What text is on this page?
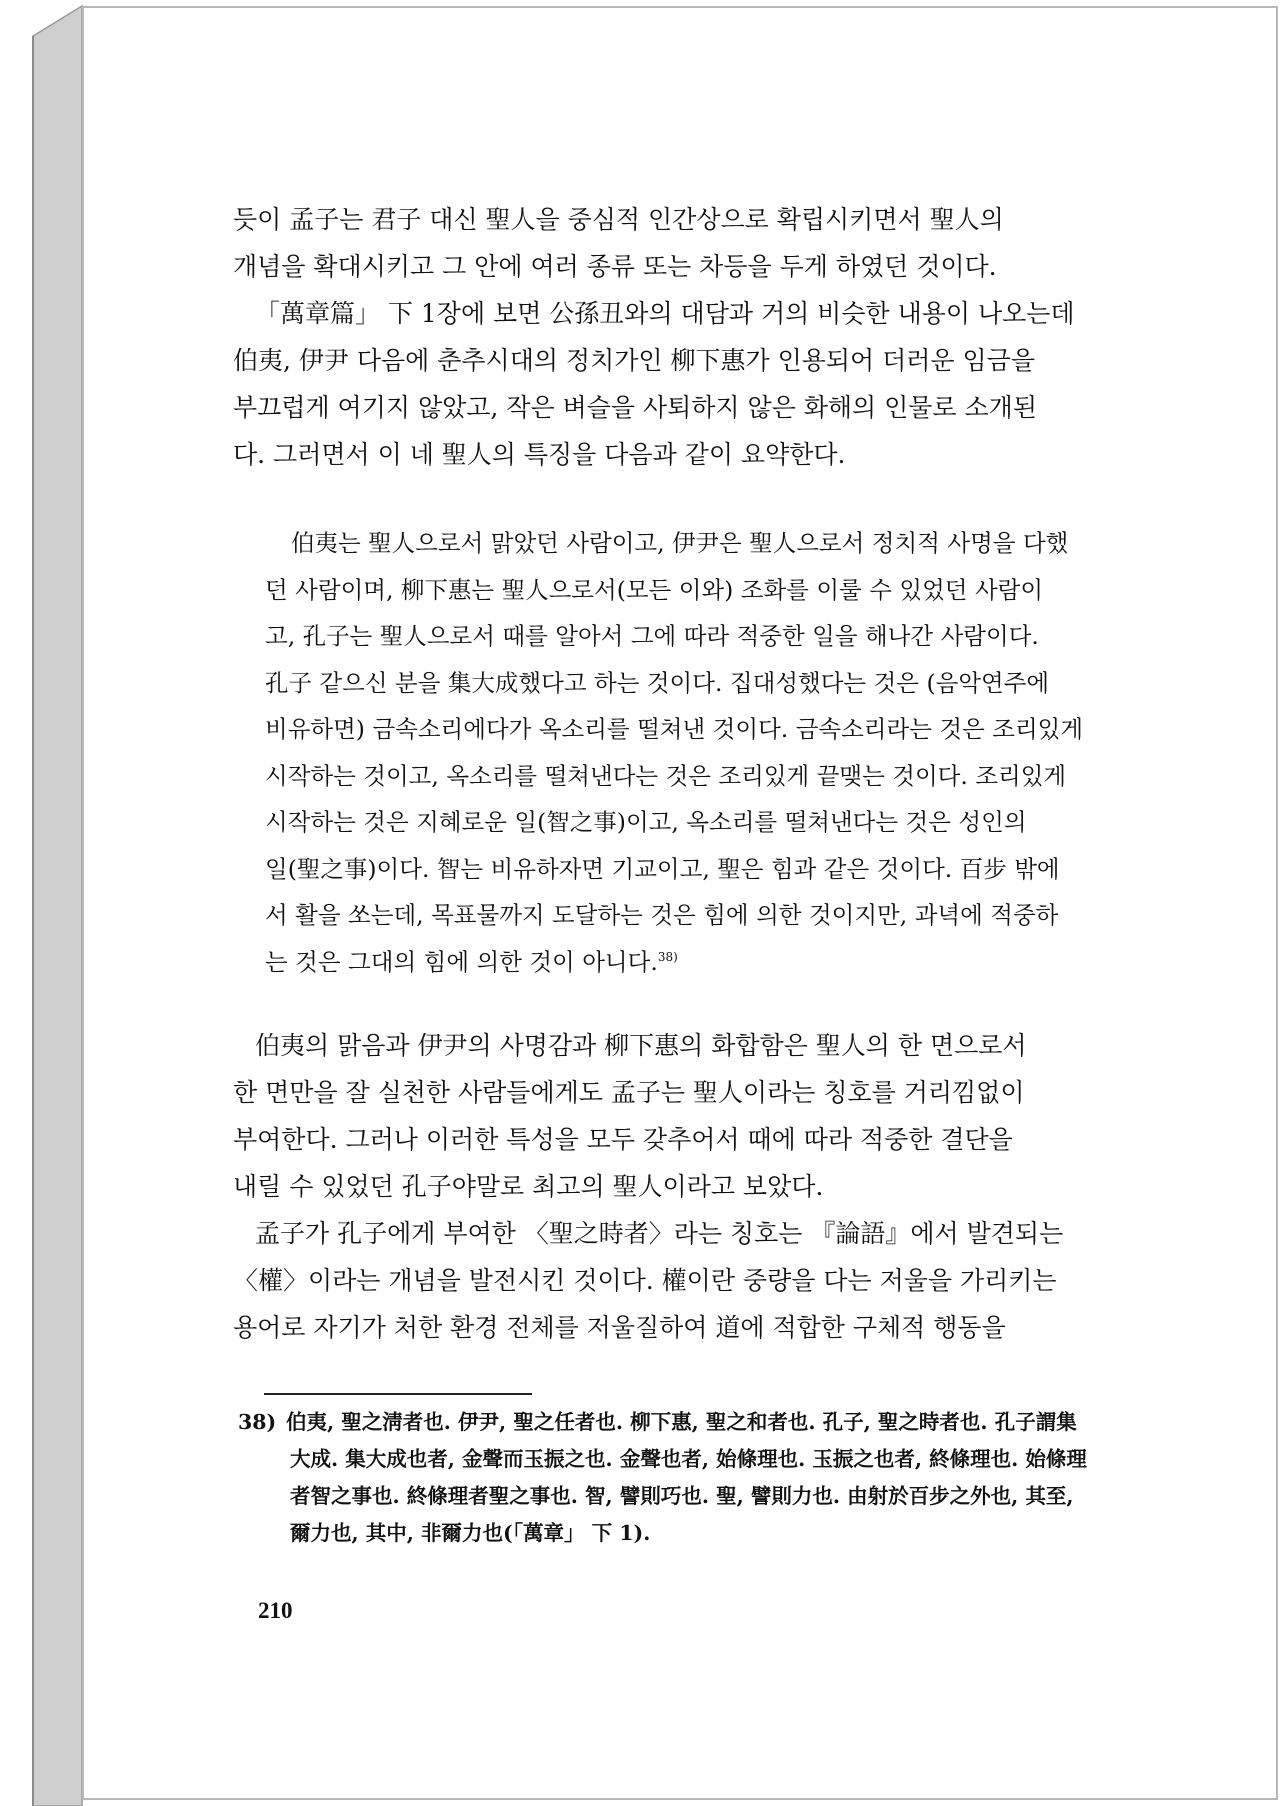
듯이 孟子는 君子 대신 聖人을 중심적 인간상으로 확립시키면서 聖人의
개념을 확대시키고 그 안에 여러 종류 또는 차등을 두게 하였던 것이다.

「萬章篇」 下 1장에 보면 公孫丑와의 대담과 거의 비슷한 내용이 나오는데
伯夷, 伊尹 다음에 춘추시대의 정치가인 柳下惠가 인용되어 더러운 임금을
부끄럽게 여기지 않았고, 작은 벼슬을 사퇴하지 않은 화해의 인물로 소개된
다. 그러면서 이 네 聖人의 특징을 다음과 같이 요약한다.

伯夷는 聖人으로서 맑았던 사람이고, 伊尹은 聖人으로서 정치적 사명을 다했
던 사람이며, 柳下惠는 聖人으로서(모든 이와) 조화를 이룰 수 있었던 사람이
고, 孔子는 聖人으로서 때를 알아서 그에 따라 적중한 일을 해나간 사람이다.
孔子 같으신 분을 集大成했다고 하는 것이다. 집대성했다는 것은 (음악연주에
비유하면) 금속소리에다가 옥소리를 떨쳐낸 것이다. 금속소리라는 것은 조리있게
시작하는 것이고, 옥소리를 떨쳐낸다는 것은 조리있게 끝맺는 것이다. 조리있게
시작하는 것은 지혜로운 일(智之事)이고, 옥소리를 떨쳐낸다는 것은 성인의
일(聖之事)이다. 智는 비유하자면 기교이고, 聖은 힘과 같은 것이다. 百步 밖에
서 활을 쏘는데, 목표물까지 도달하는 것은 힘에 의한 것이지만, 과녁에 적중하
는 것은 그대의 힘에 의한 것이 아니다.$^{38)}$

伯夷의 맑음과 伊尹의 사명감과 柳下惠의 화합함은 聖人의 한 면으로서
한 면만을 잘 실천한 사람들에게도 孟子는 聖人이라는 칭호를 거리낌없이
부여한다. 그러나 이러한 특성을 모두 갖추어서 때에 따라 적중한 결단을
내릴 수 있었던 孔子야말로 최고의 聖人이라고 보았다.

孟子가 孔子에게 부여한 〈聖之時者〉라는 칭호는 『論語』에서 발견되는
〈權〉이라는 개념을 발전시킨 것이다. 權이란 중량을 다는 저울을 가리키는
용어로 자기가 처한 환경 전체를 저울질하여 道에 적합한 구체적 행동을

38) 伯夷, 聖之淸者也. 伊尹, 聖之任者也. 柳下惠, 聖之和者也. 孔子, 聖之時者也. 孔子謂集
大成. 集大成也者, 金聲而玉振之也. 金聲也者, 始條理也. 玉振之也者, 終條理也. 始條理
者智之事也. 終條理者聖之事也. 智, 譬則巧也. 聖, 譬則力也. 由射於百步之外也, 其至,
爾力也, 其中, 非爾力也(「萬章」 下 1).
210
